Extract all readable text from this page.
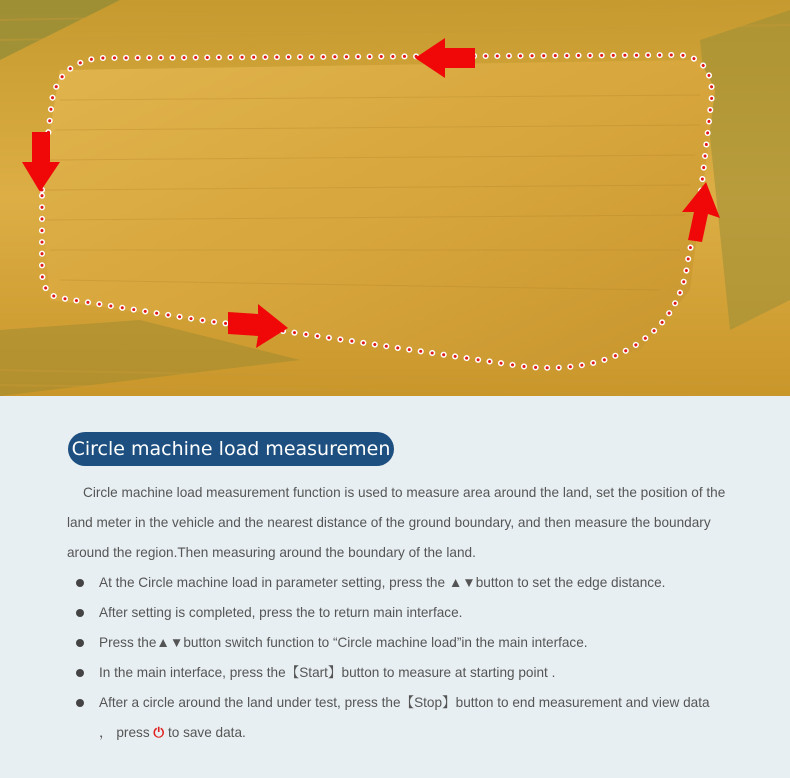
Circle machine load measuremen
Circle machine load measurement function is used to measure area around the land, set the position of the land meter in the vehicle and the nearest distance of the ground boundary, and then measure the boundary around the region.Then measuring around the boundary of the land.
At the Circle machine load in parameter setting, press the ▲▼button to set the edge distance.
After setting is completed, press the to return main interface.
Press the▲▼button switch function to “Circle machine load”in the main interface.
In the main interface, press the【Start】button to measure at starting point .
After a circle around the land under test, press the【Stop】button to end measurement and view data
， press ⏻ to save data.
